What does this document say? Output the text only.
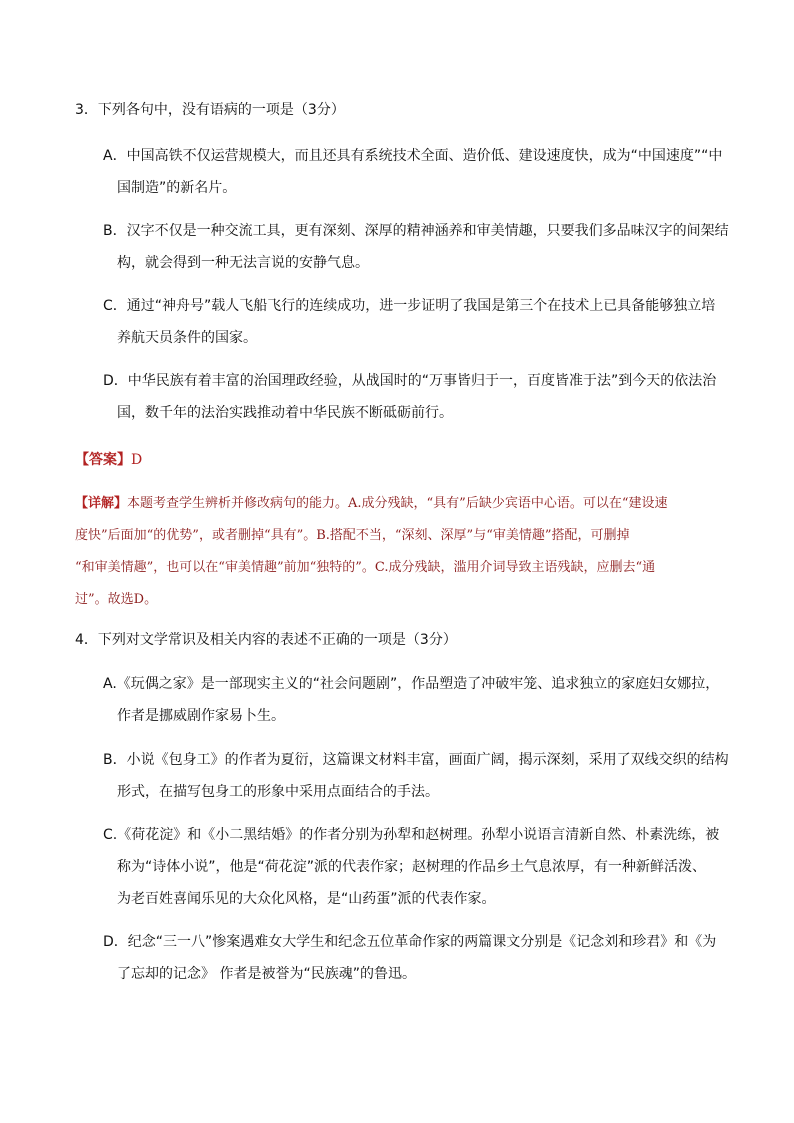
3．下列各句中，没有语病的一项是（3分）
A．中国高铁不仅运营规模大，而且还具有系统技术全面、造价低、建设速度快，成为“中国速度”“中
国制造”的新名片。
B．汉字不仅是一种交流工具，更有深刻、深厚的精神涵养和审美情趣，只要我们多品味汉字的间架结
构，就会得到一种无法言说的安静气息。
C．通过“神舟号”载人飞船飞行的连续成功，进一步证明了我国是第三个在技术上已具备能够独立培
养航天员条件的国家。
D．中华民族有着丰富的治国理政经验，从战国时的“万事皆归于一，百度皆准于法”到今天的依法治
国，数千年的法治实践推动着中华民族不断砥砺前行。
【答案】D
【详解】本题考查学生辨析并修改病句的能力。A.成分残缺，“具有”后缺少宾语中心语。可以在“建设速
度快”后面加“的优势”，或者删掉“具有”。B.搭配不当，“深刻、深厚”与“审美情趣”搭配，可删掉
“和审美情趣”，也可以在“审美情趣”前加“独特的”。C.成分残缺，滥用介词导致主语残缺，应删去“通
过”。故选D。
4．下列对文学常识及相关内容的表述不正确的一项是（3分）
A.《玩偶之家》是一部现实主义的“社会问题剧”，作品塑造了冲破牢笼、追求独立的家庭妇女娜拉，
作者是挪威剧作家易卜生。
B．小说《包身工》的作者为夏衍，这篇课文材料丰富，画面广阔，揭示深刻，采用了双线交织的结构
形式，在描写包身工的形象中采用点面结合的手法。
C.《荷花淀》和《小二黑结婚》的作者分别为孙犁和赵树理。孙犁小说语言清新自然、朴素洗练，被
称为“诗体小说”，他是“荷花淀”派的代表作家；赵树理的作品乡土气息浓厚，有一种新鲜活泼、
为老百姓喜闻乐见的大众化风格，是“山药蛋”派的代表作家。
D．纪念“三一八”惨案遇难女大学生和纪念五位革命作家的两篇课文分别是《记念刘和珍君》和《为
了忘却的记念》 作者是被誉为“民族魂”的鲁迅。
